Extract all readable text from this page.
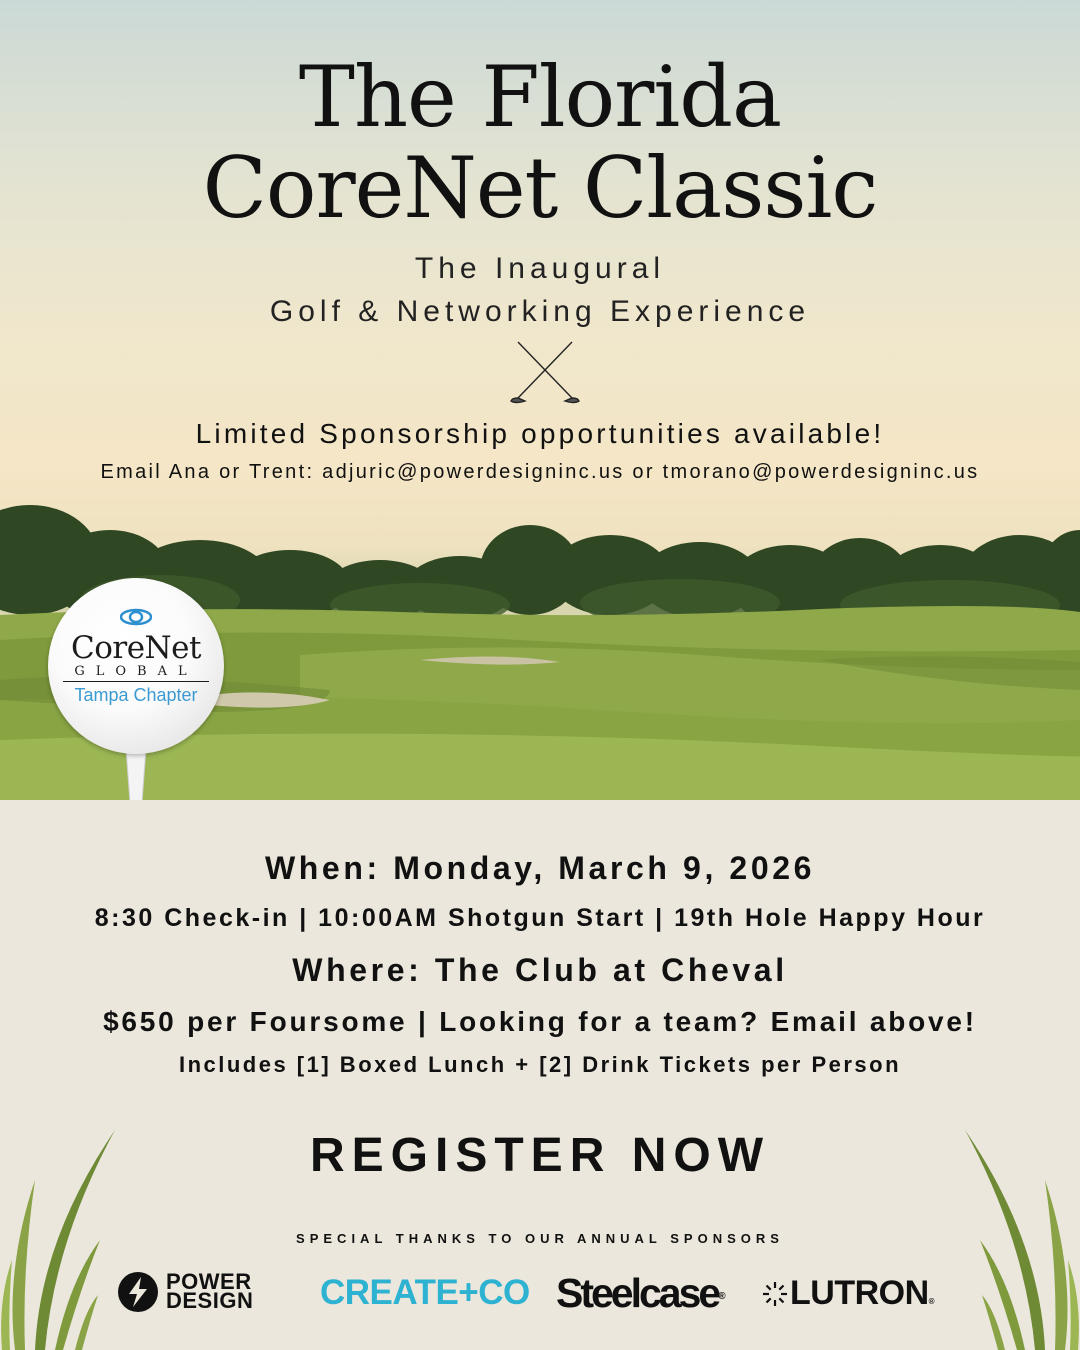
The Florida
CoreNet Classic
The Inaugural
Golf & Networking Experience
Limited Sponsorship opportunities available!
Email Ana or Trent: adjuric@powerdesigninc.us or tmorano@powerdesigninc.us
CoreNet
GLOBAL
Tampa Chapter
When: Monday, March 9, 2026
8:30 Check-in | 10:00AM Shotgun Start | 19th Hole Happy Hour
Where: The Club at Cheval
$650 per Foursome | Looking for a team? Email above!
Includes [1] Boxed Lunch + [2] Drink Tickets per Person
REGISTER NOW
SPECIAL THANKS TO OUR ANNUAL SPONSORS
POWER
DESIGN CREATE+CO Steelcase® LUTRON®
